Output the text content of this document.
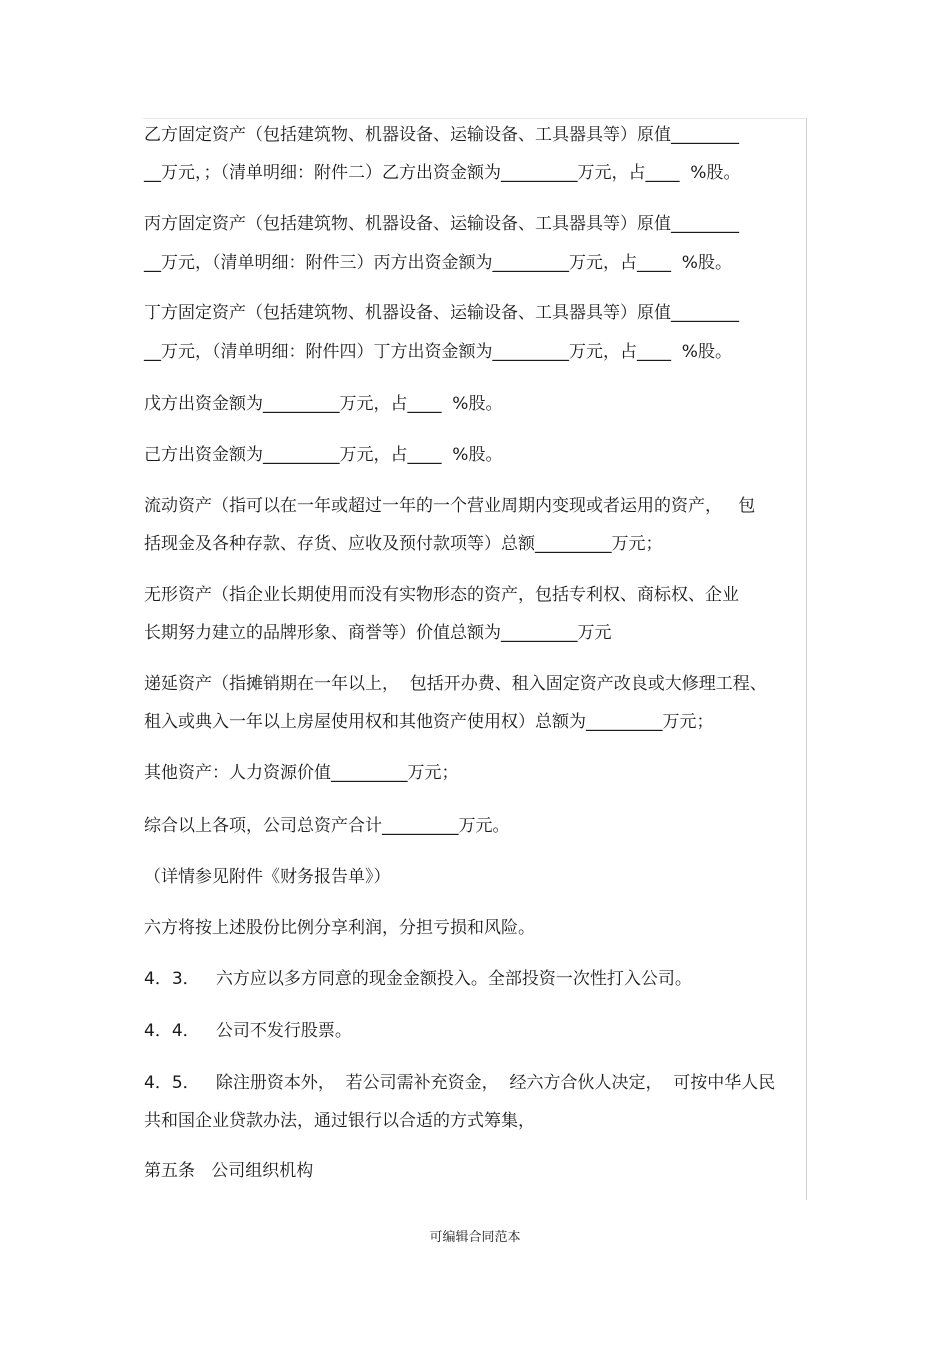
乙方固定资产（包括建筑物、机器设备、运输设备、工具器具等）原值________
__万元，；（清单明细：附件二）乙方出资金额为_________万元，占____  %股。
丙方固定资产（包括建筑物、机器设备、运输设备、工具器具等）原值________
__万元，（清单明细：附件三）丙方出资金额为_________万元，占____  %股。
丁方固定资产（包括建筑物、机器设备、运输设备、工具器具等）原值________
__万元，（清单明细：附件四）丁方出资金额为_________万元，占____  %股。
戊方出资金额为_________万元，占____  %股。
己方出资金额为_________万元，占____  %股。
流动资产（指可以在一年或超过一年的一个营业周期内变现或者运用的资产，   包
括现金及各种存款、存货、应收及预付款项等）总额_________万元；
无形资产（指企业长期使用而没有实物形态的资产，包括专利权、商标权、企业
长期努力建立的品牌形象、商誉等）价值总额为_________万元
递延资产（指摊销期在一年以上，  包括开办费、租入固定资产改良或大修理工程、
租入或典入一年以上房屋使用权和其他资产使用权）总额为_________万元；
其他资产：人力资源价值_________万元；
综合以上各项，公司总资产合计_________万元。
（详情参见附件《财务报告单》）
六方将按上述股份比例分享利润，分担亏损和风险。
4．3．   六方应以多方同意的现金金额投入。全部投资一次性打入公司。
4．4．   公司不发行股票。
4．5．   除注册资本外，  若公司需补充资金，  经六方合伙人决定，  可按中华人民
共和国企业贷款办法，通过银行以合适的方式筹集，
第五条   公司组织机构
可编辑合同范本
